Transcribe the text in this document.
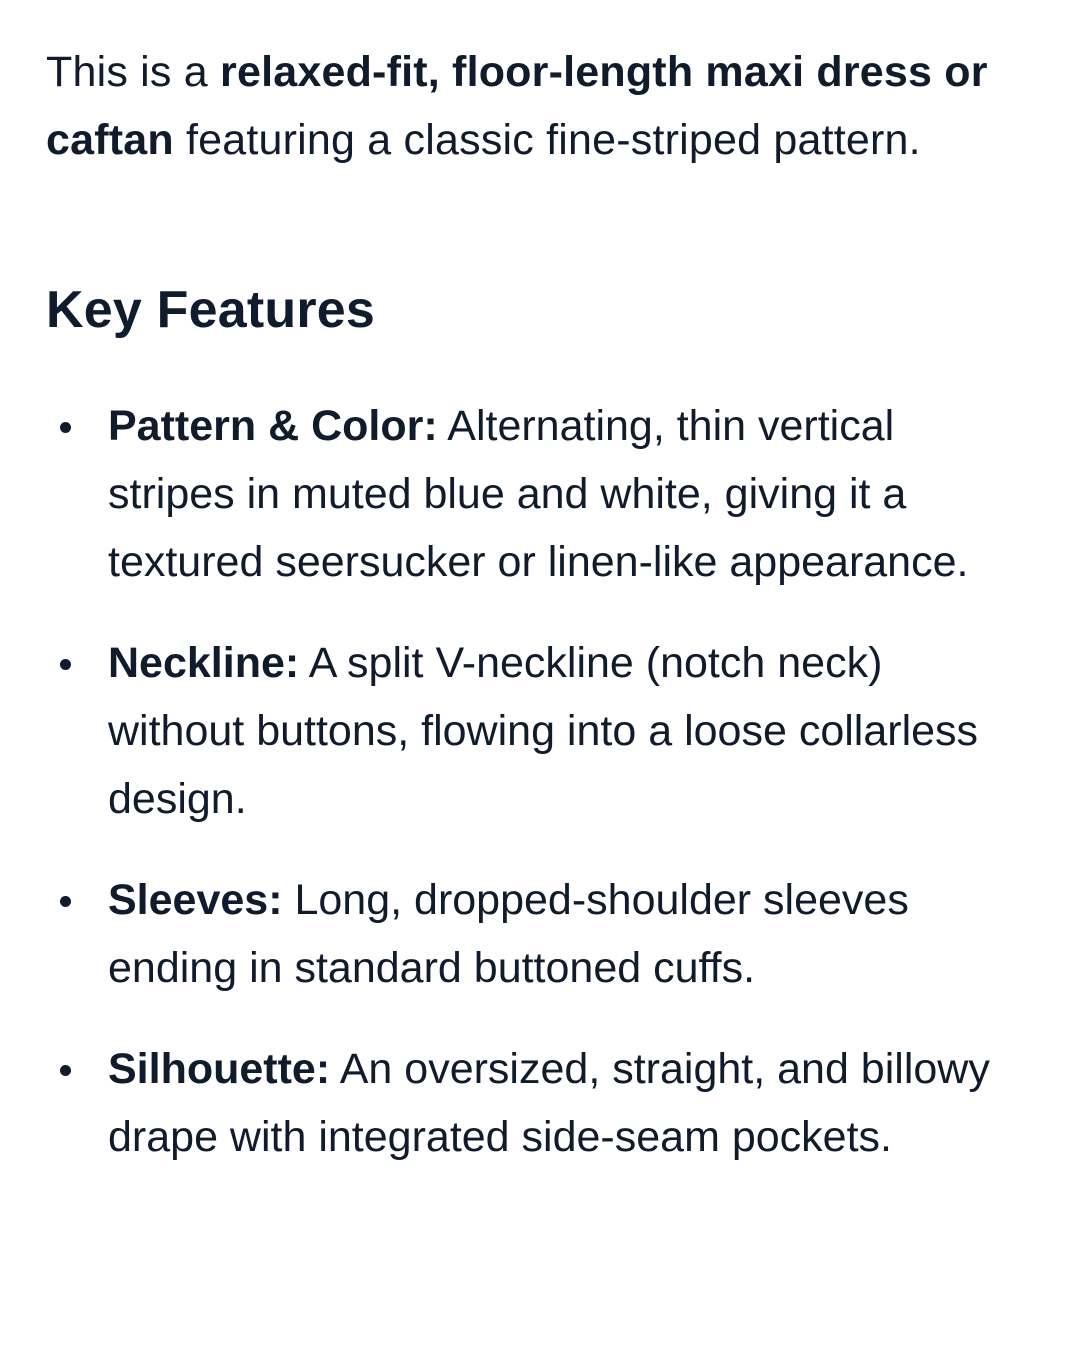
This is a relaxed-fit, floor-length maxi dress or caftan featuring a classic fine-striped pattern.

Key Features
Pattern & Color: Alternating, thin vertical stripes in muted blue and white, giving it a textured seersucker or linen-like appearance.
Neckline: A split V-neckline (notch neck) without buttons, flowing into a loose collarless design.
Sleeves: Long, dropped-shoulder sleeves ending in standard buttoned cuffs.
Silhouette: An oversized, straight, and billowy drape with integrated side-seam pockets.
